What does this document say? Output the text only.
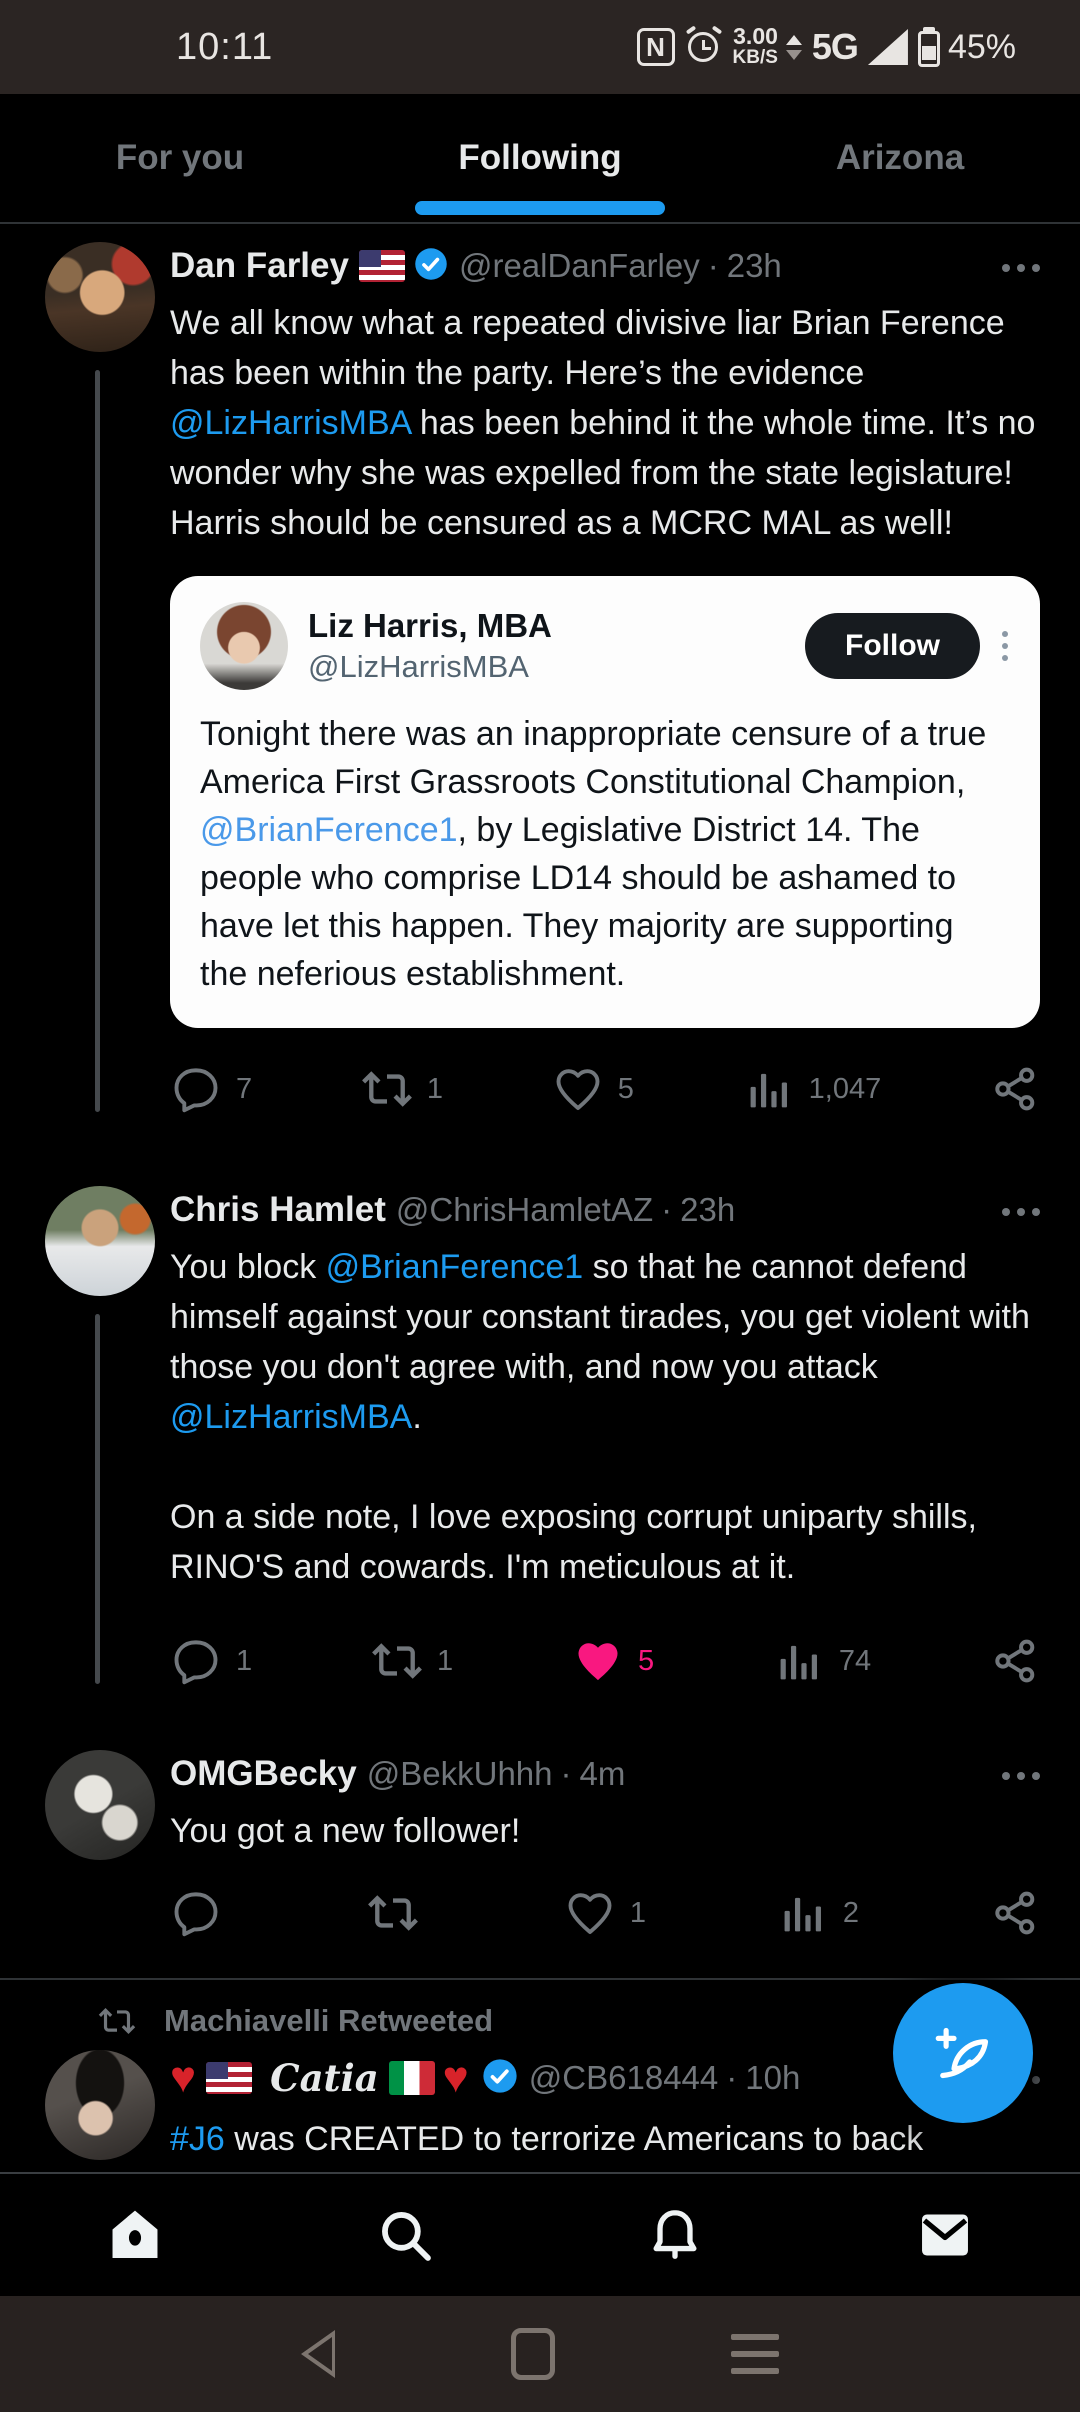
10:11	N	3.00
KB/S 5G	45%
For you	Following	Arizona
Dan Farley	@realDanFarley · 23h
We all know what a repeated divisive liar Brian Ference has been within the party. Here’s the evidence @LizHarrisMBA has been behind it the whole time. It’s no wonder why she was expelled from the state legislature! Harris should be censured as a MCRC MAL as well!
Liz Harris, MBA
@LizHarrisMBA
Follow
Tonight there was an inappropriate censure of a true America First Grassroots Constitutional Champion, @BrianFerence1, by Legislative District 14. The people who comprise LD14 should be ashamed to have let this happen. They majority are supporting the neferious establishment.
7	1	5	1,047
Chris Hamlet @ChrisHamletAZ · 23h
You block @BrianFerence1 so that he cannot defend himself against your constant tirades, you get violent with those you don't agree with, and now you attack @LizHarrisMBA.
On a side note, I love exposing corrupt uniparty shills, RINO'S and cowards. I'm meticulous at it.
1	1	5	74
OMGBecky @BekkUhhh · 4m
You got a new follower!
1	2
Machiavelli Retweeted
♥ Catia ♥ @CB618444 · 10h
#J6 was CREATED to terrorize Americans to back
